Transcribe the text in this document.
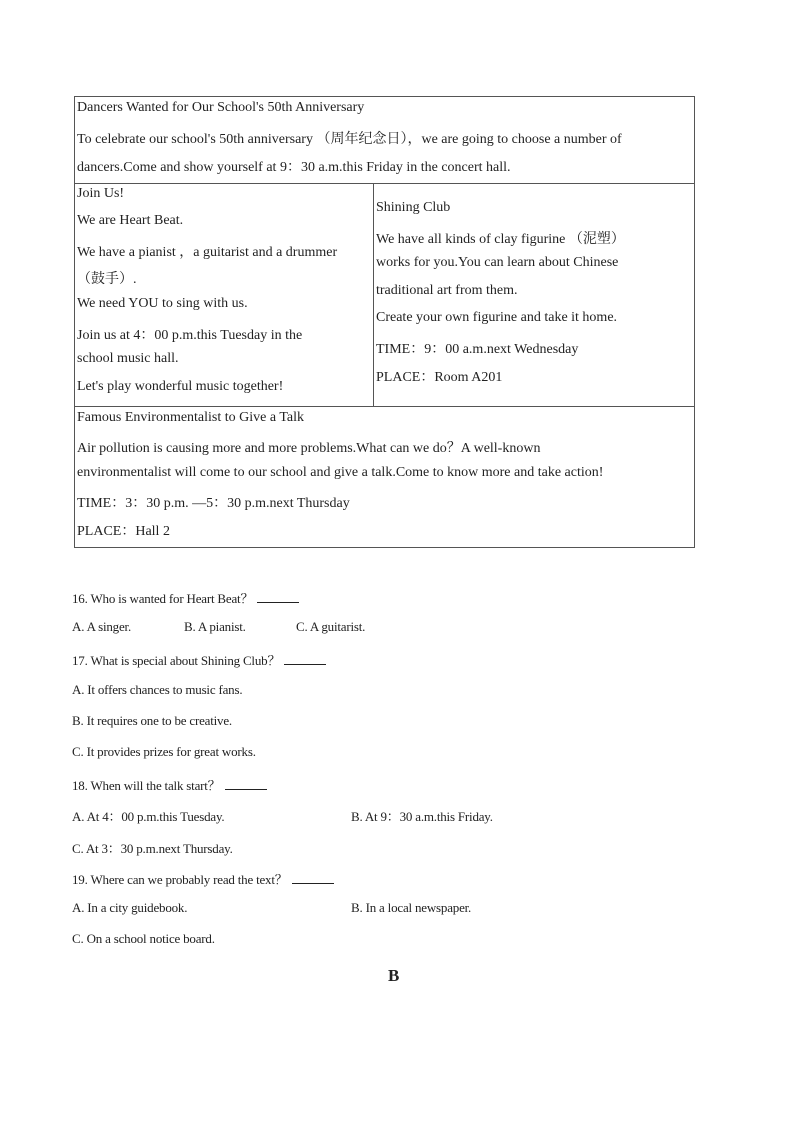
Dancers Wanted for Our School's 50th Anniversary
To celebrate our school's 50th anniversary （周年纪念日），we are going to choose a number of
dancers.Come and show yourself at 9：30 a.m.this Friday in the concert hall.
Join Us!
We are Heart Beat.
We have a pianist ，a guitarist and a drummer
（鼓手）.
We need YOU to sing with us.
Join us at 4：00 p.m.this Tuesday in the
school music hall.
Let's play wonderful music together!
Shining Club
We have all kinds of clay figurine （泥塑）
works for you.You can learn about Chinese
traditional art from them.
Create your own figurine and take it home.
TIME：9：00 a.m.next Wednesday
PLACE：Room A201
Famous Environmentalist to Give a Talk
Air pollution is causing more and more problems.What can we do？A well-known
environmentalist will come to our school and give a talk.Come to know more and take action!
TIME：3：30 p.m. —5：30 p.m.next Thursday
PLACE：Hall 2
16. Who is wanted for Heart Beat？
A. A singer.	B. A pianist.	C. A guitarist.
17. What is special about Shining Club？
A. It offers chances to music fans.
B. It requires one to be creative.
C. It provides prizes for great works.
18. When will the talk start？
A. At 4：00 p.m.this Tuesday.	B. At 9：30 a.m.this Friday.
C. At 3：30 p.m.next Thursday.
19. Where can we probably read the text？
A. In a city guidebook.	B. In a local newspaper.
C. On a school notice board.
B
